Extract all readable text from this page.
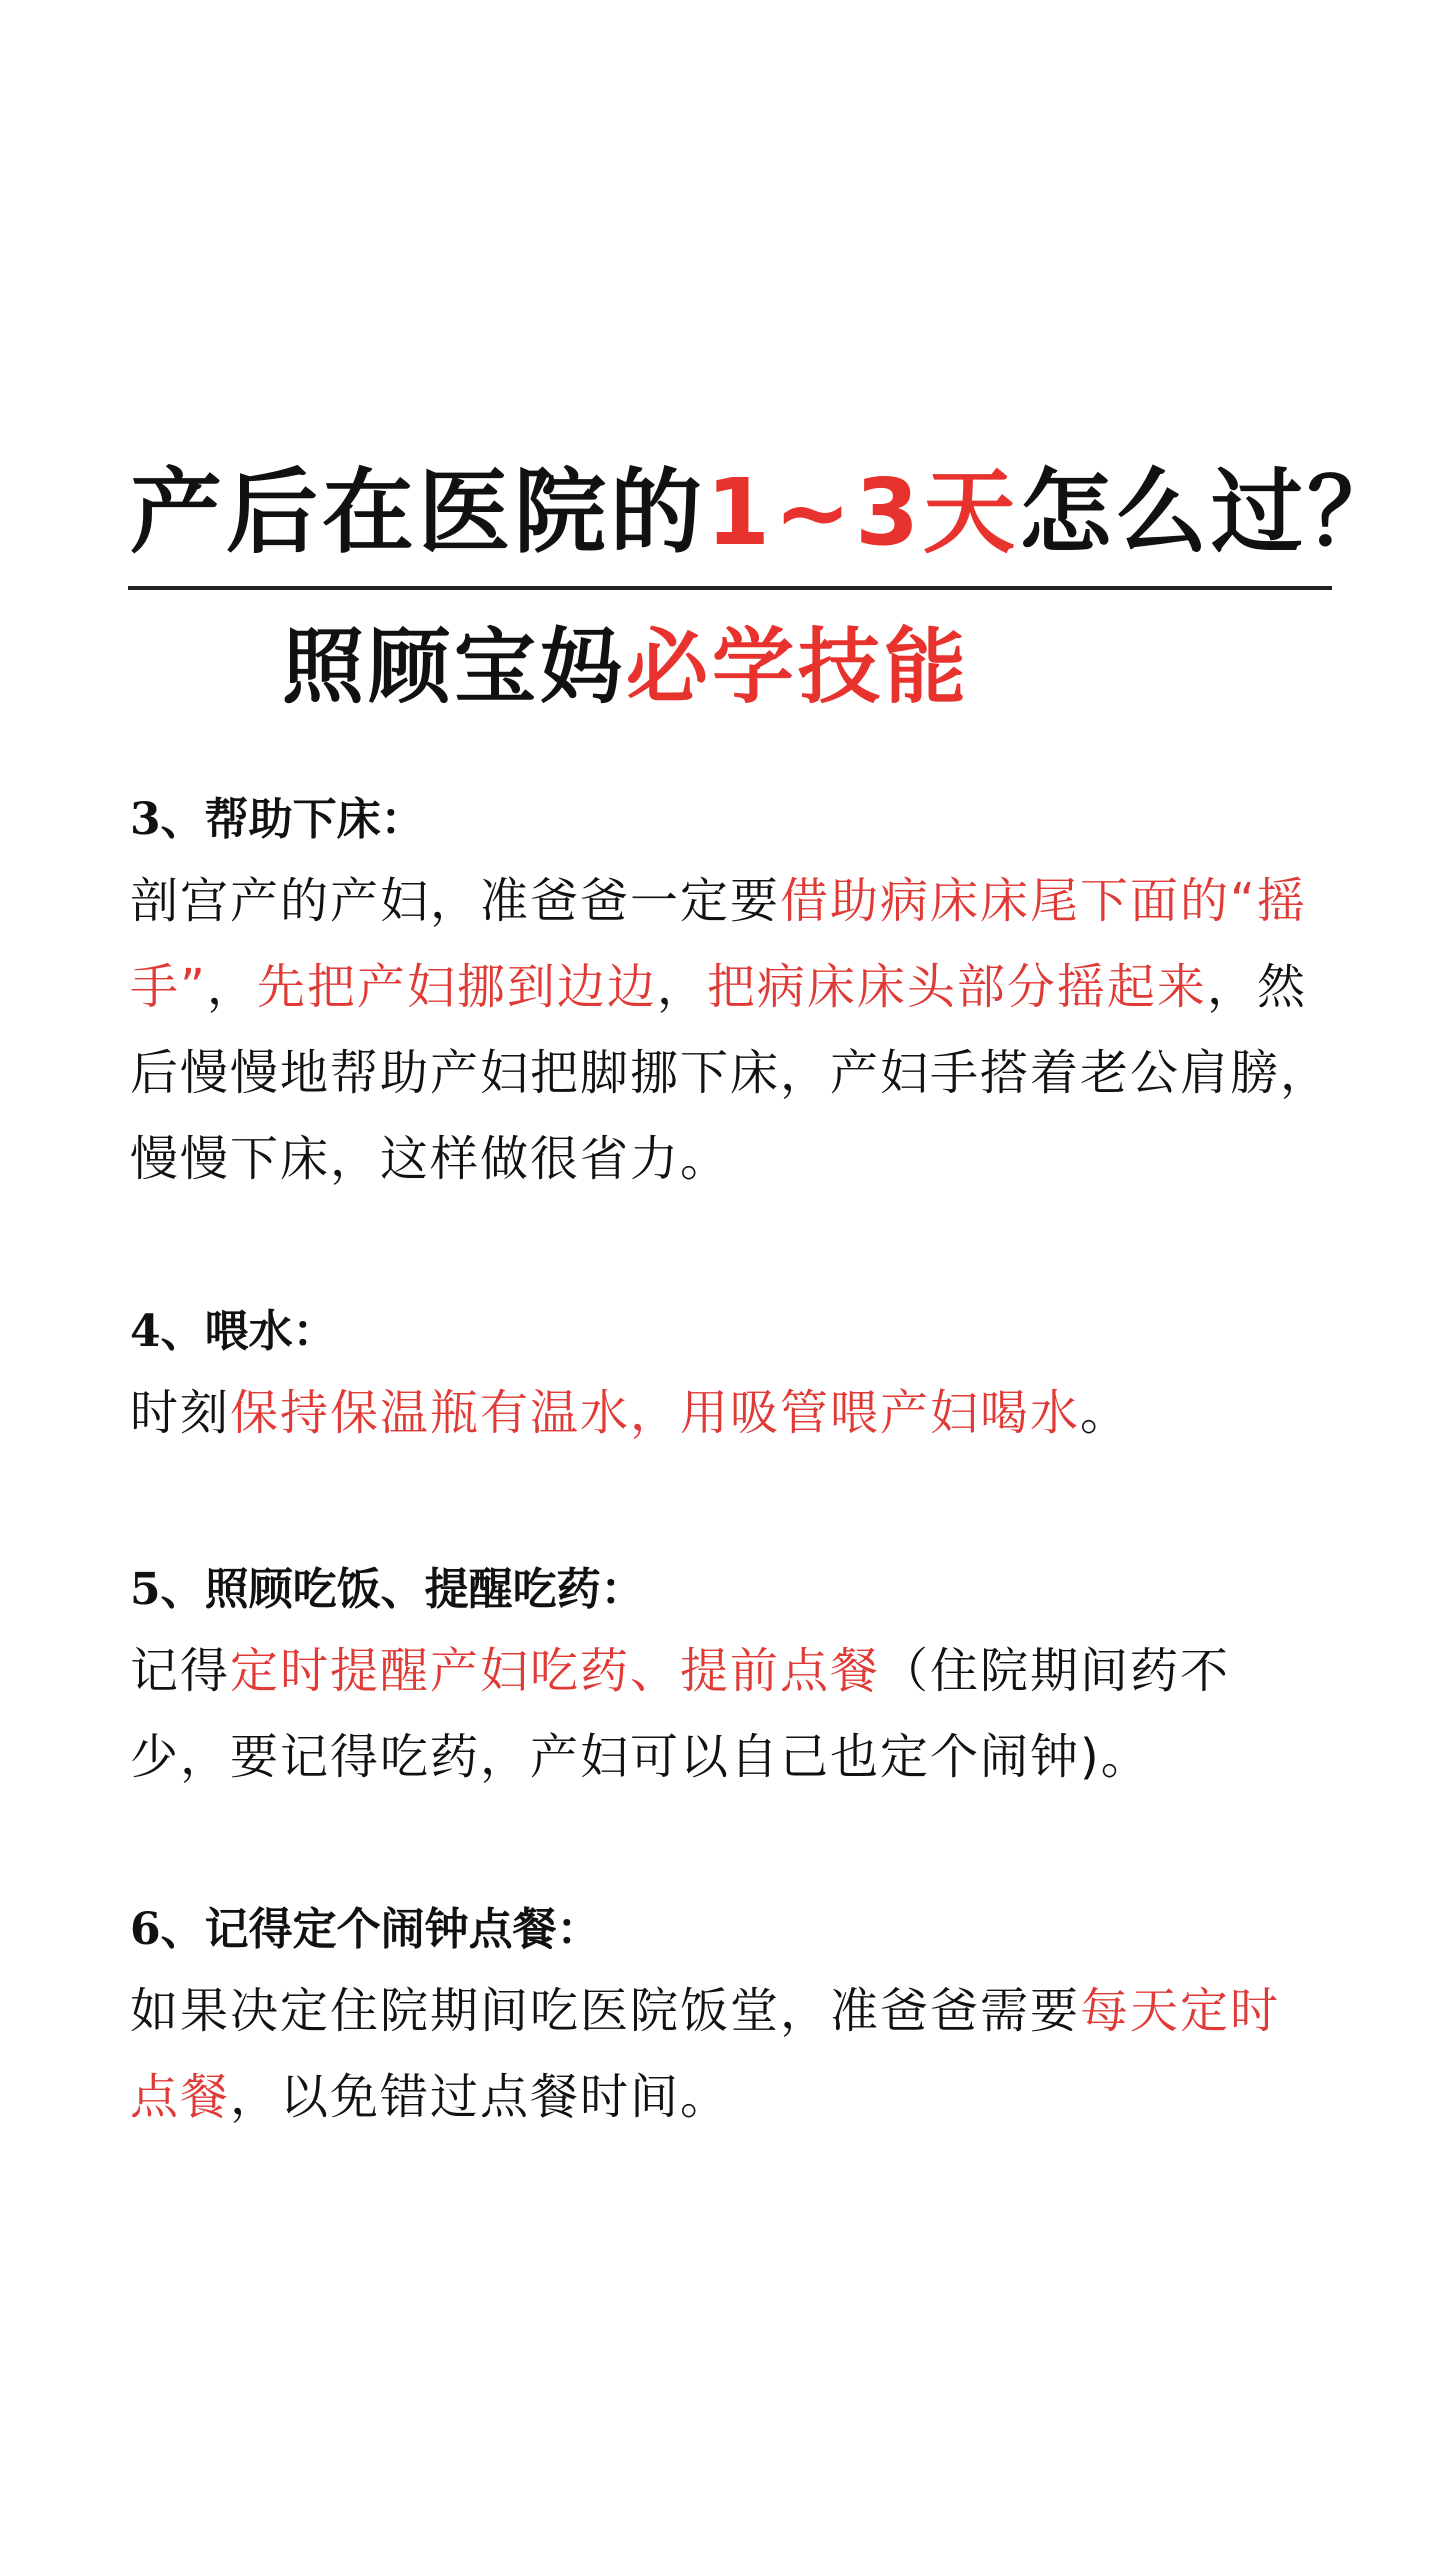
产后在医院的1~3天怎么过？
照顾宝妈必学技能
3、帮助下床：
剖宫产的产妇，准爸爸一定要借助病床床尾下面的“摇手”，先把产妇挪到边边，把病床床头部分摇起来，然后慢慢地帮助产妇把脚挪下床，产妇手搭着老公肩膀，慢慢下床，这样做很省力。
4、喂水：
时刻保持保温瓶有温水，用吸管喂产妇喝水。
5、照顾吃饭、提醒吃药：
记得定时提醒产妇吃药、提前点餐（住院期间药不少，要记得吃药，产妇可以自己也定个闹钟)。
6、记得定个闹钟点餐：
如果决定住院期间吃医院饭堂，准爸爸需要每天定时点餐，以免错过点餐时间。
